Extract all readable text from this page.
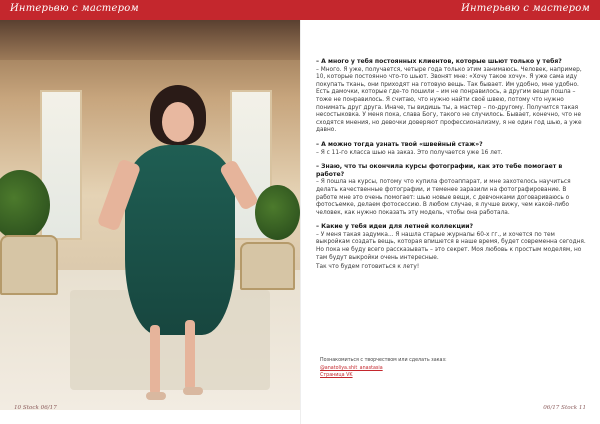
Интерьвю с мастером	Интерьвю с мастером
– А много у тебя постоянных клиентов, которые шьют только у тебя?
– Много. Я уже, получается, четыре года только этим занимаюсь. Человек, например, 10, которые постоянно что-то шьют. Звонят мне: «Хочу такое хочу». Я уже сама иду покупать ткань, они приходят на готовую вещь. Так бывает. Им удобно, мне удобно. Есть дамочки, которые где-то пошили – им не понравилось, а другим вещи пошла – тоже не понравилось. Я считаю, что нужно найти своё швею, потому что нужно понимать друг друга. Иначе, ты видишь ты, а мастер – по-другому. Получится такая несостыковка. У меня пока, слава Богу, такого не случилось. Бывает, конечно, что не сходятся мнения, но девочки доверяют профессионализму, я не один год шью, а уже давно.
– А можно тогда узнать твой «швейный стаж»?
– Я с 11-го класса шью на заказ. Это получается уже 16 лет.
– Знаю, что ты окончила курсы фотографии, как это тебе помогает в работе?
– Я пошла на курсы, потому что купила фотоаппарат, и мне захотелось научиться делать качественные фотографии, и теменее заразили на фотографирование. В работе мне это очень помогает: шью новые вещи, с девчонками договариваюсь о фотосъемке, делаем фотосессию. В любом случае, я лучше вижу, чем какой-либо человек, как нужно показать эту модель, чтобы она работала.
– Какие у тебя идеи для летней коллекции?
– У меня такая задумка... Я нашла старые журналы 60-х гг., и хочется по тем выкройкам создать вещь, которая впишется в наше время, будет современна сегодня. Но пока не буду всего рассказывать – это секрет. Моя любовь к простым моделям, но там будут выкройки очень интересные.
Так что будем готовиться к лету!
Познакомиться с творчеством или сделать заказ:
@anatoliya.shit_anastasia
Страница VK
10 Stock 06/17	06/17 Stock 11
